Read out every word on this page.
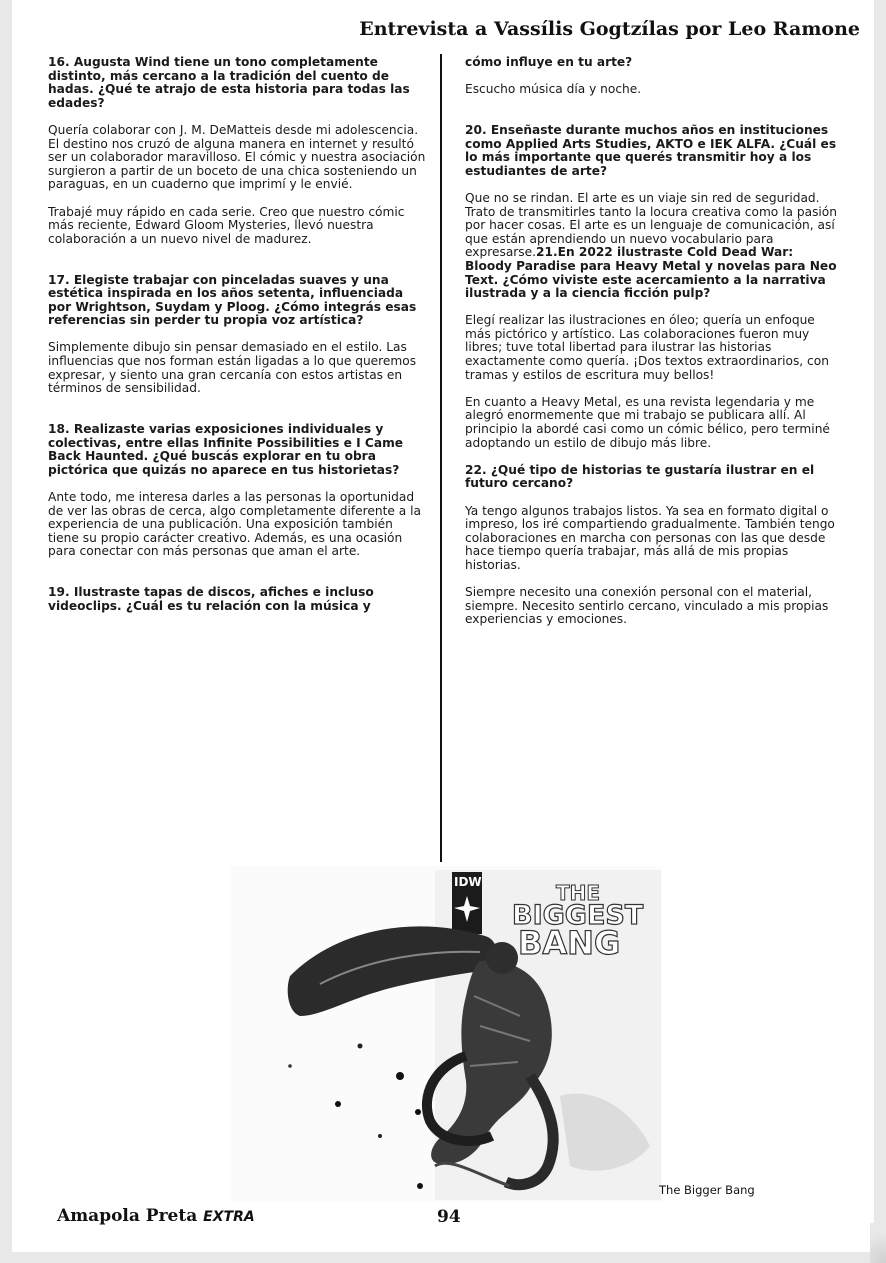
Entrevista a Vassílis Gogtzílas por Leo Ramone

16. Augusta Wind tiene un tono completamente distinto, más cercano a la tradición del cuento de hadas. ¿Qué te atrajo de esta historia para todas las edades?

Quería colaborar con J. M. DeMatteis desde mi adolescencia. El destino nos cruzó de alguna manera en internet y resultó ser un colaborador maravilloso. El cómic y nuestra asociación surgieron a partir de un boceto de una chica sosteniendo un paraguas, en un cuaderno que imprimí y le envié.

Trabajé muy rápido en cada serie. Creo que nuestro cómic más reciente, Edward Gloom Mysteries, llevó nuestra colaboración a un nuevo nivel de madurez.

17. Elegiste trabajar con pinceladas suaves y una estética inspirada en los años setenta, influenciada por Wrightson, Suydam y Ploog. ¿Cómo integrás esas referencias sin perder tu propia voz artística?

Simplemente dibujo sin pensar demasiado en el estilo. Las influencias que nos forman están ligadas a lo que queremos expresar, y siento una gran cercanía con estos artistas en términos de sensibilidad.

18. Realizaste varias exposiciones individuales y colectivas, entre ellas Infinite Possibilities e I Came Back Haunted. ¿Qué buscás explorar en tu obra pictórica que quizás no aparece en tus historietas?

Ante todo, me interesa darles a las personas la oportunidad de ver las obras de cerca, algo completamente diferente a la experiencia de una publicación. Una exposición también tiene su propio carácter creativo. Además, es una ocasión para conectar con más personas que aman el arte.

19. Ilustraste tapas de discos, afiches e incluso videoclips. ¿Cuál es tu relación con la música y

cómo influye en tu arte?

Escucho música día y noche.

20. Enseñaste durante muchos años en instituciones como Applied Arts Studies, AKTO e IEK ALFA. ¿Cuál es lo más importante que querés transmitir hoy a los estudiantes de arte?

Que no se rindan. El arte es un viaje sin red de seguridad. Trato de transmitirles tanto la locura creativa como la pasión por hacer cosas. El arte es un lenguaje de comunicación, así que están aprendiendo un nuevo vocabulario para expresarse.21.En 2022 ilustraste Cold Dead War: Bloody Paradise para Heavy Metal y novelas para Neo Text. ¿Cómo viviste este acercamiento a la narrativa ilustrada y a la ciencia ficción pulp?

Elegí realizar las ilustraciones en óleo; quería un enfoque más pictórico y artístico. Las colaboraciones fueron muy libres; tuve total libertad para ilustrar las historias exactamente como quería. ¡Dos textos extraordinarios, con tramas y estilos de escritura muy bellos!

En cuanto a Heavy Metal, es una revista legendaria y me alegró enormemente que mi trabajo se publicara allí. Al principio la abordé casi como un cómic bélico, pero terminé adoptando un estilo de dibujo más libre.

22. ¿Qué tipo de historias te gustaría ilustrar en el futuro cercano?

Ya tengo algunos trabajos listos. Ya sea en formato digital o impreso, los iré compartiendo gradualmente. También tengo colaboraciones en marcha con personas con las que desde hace tiempo quería trabajar, más allá de mis propias historias.

Siempre necesito una conexión personal con el material, siempre. Necesito sentirlo cercano, vinculado a mis propias experiencias y emociones.

IDW	THE
BIGGEST
BANG
The Bigger Bang
Amapola Preta EXTRA	94
